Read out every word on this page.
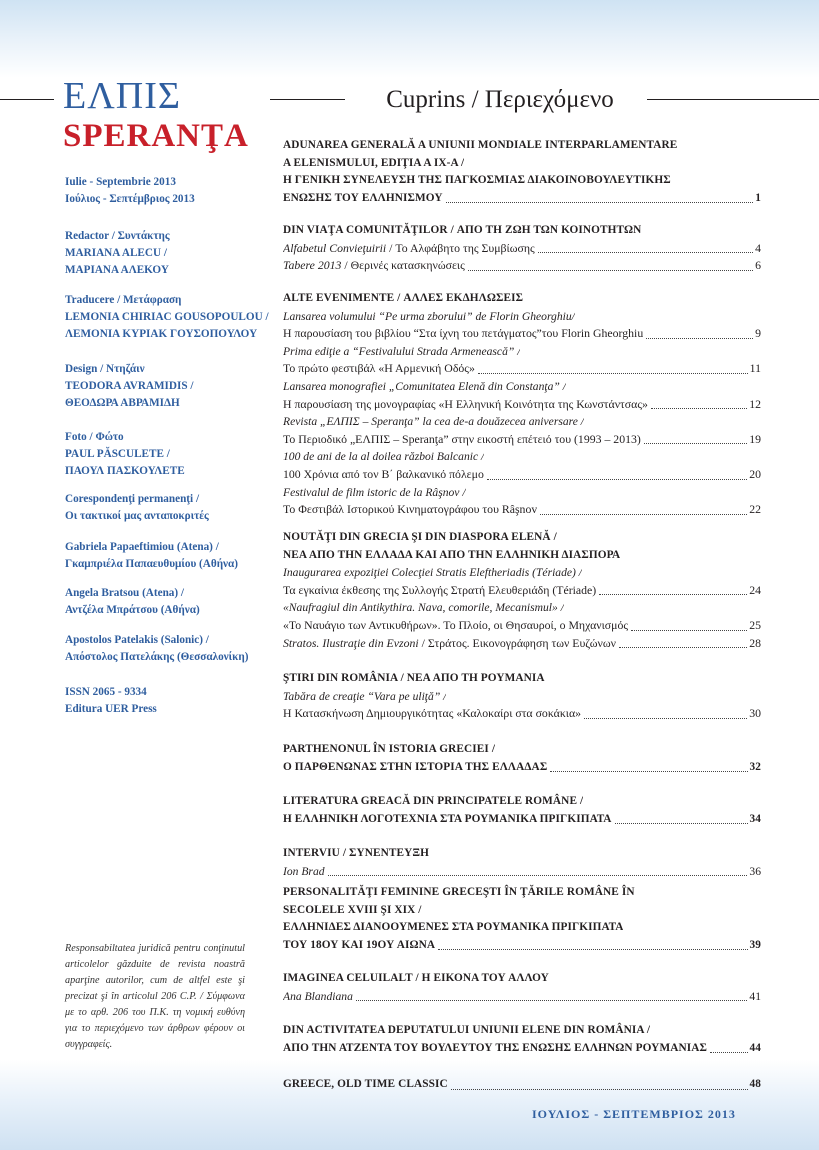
Cuprins / Περιεχόμενο
ΕΛΠΙΣ
SPERANŢA
Iulie - Septembrie 2013
Ιούλιος - Σεπτέμβριος 2013
Redactor / Συντάκτης
MARIANA ALECU /
ΜΑΡΙΑΝΑ ΑΛΕΚΟΥ
Traducere / Μετάφραση
LEMONIA CHIRIAC GOUSOPOULOU /
ΛΕΜΟΝΙΑ ΚΥΡΙΑΚ ΓΟΥΣΟΠΟΥΛΟΥ
Design / Ντηζάιν
TEODORA AVRAMIDIS /
ΘΕΟΔΩΡΑ ΑΒΡΑΜΙΔΗ
Foto / Φώτο
PAUL PĂSCULETE /
ΠΑΟΥΛ ΠΑΣΚΟΥΛΕΤΕ
Corespondenţi permanenţi /
Οι τακτικοί μας ανταποκριτές
Gabriela Papaeftimiou (Atena) /
Γκαμπριέλα Παπαευθυμίου (Αθήνα)
Angela Bratsou (Atena) /
Αντζέλα Μπράτσου (Αθήνα)
Apostolos Patelakis (Salonic) /
Απόστολος Πατελάκης (Θεσσαλονίκη)
ISSN 2065 - 9334
Editura UER Press
Responsabiltatea juridică pentru conţinutul articolelor găzduite de revista noastră aparţine autorilor, cum de altfel este şi precizat şi în articolul 206 C.P. / Σύμφωνα με το αρθ. 206 του Π.Κ. τη νομική ευθύνη για το περιεχόμενο των άρθρων φέρουν οι συγγραφείς.
ADUNAREA GENERALĂ A UNIUNII MONDIALE INTERPARLAMENTARE
A ELENISMULUI, EDIŢIA A IX-A /
Η ΓΕΝΙΚΗ ΣΥΝΕΛΕΥΣΗ ΤΗΣ ΠΑΓΚΟΣΜΙΑΣ ΔΙΑΚΟΙΝΟΒΟΥΛΕΥΤΙΚΗΣ
ΕΝΩΣΗΣ ΤΟΥ ΕΛΛΗΝΙΣΜΟΥ	1
DIN VIAŢA COMUNITĂŢILOR / ΑΠΟ ΤΗ ΖΩΗ ΤΩΝ ΚΟΙΝΟΤΗΤΩΝ
Alfabetul Convieţuirii / Το Αλφάβητο της Συμβίωσης	4
Tabere 2013 / Θερινές κατασκηνώσεις	6
ALTE EVENIMENTE / ΑΛΛΕΣ ΕΚΔΗΛΩΣΕΙΣ
Lansarea volumului “Pe urma zborului” de Florin Gheorghiu/
Η παρουσίαση του βιβλίου “Στα ίχνη του πετάγματος”του Florin Gheorghiu	9
Prima ediţie a “Festivalului Strada Armenească” /
Το πρώτο φεστιβάλ «Η Αρμενική Οδός»	11
Lansarea monografiei „Comunitatea Elenă din Constanţa” /
Η παρουσίαση της μονογραφίας «Η Ελληνική Κοινότητα της Κωνστάντσας»	12
Revista „ΕΛΠΙΣ – Speranţa” la cea de-a douăzecea aniversare /
Το Περιοδικό „ΕΛΠΙΣ – Speranţa” στην εικοστή επέτειό του (1993 – 2013)	19
100 de ani de la al doilea război Balcanic /
100 Χρόνια από τον Β΄ βαλκανικό πόλεμο	20
Festivalul de film istoric de la Râşnov /
Το Φεστιβάλ Ιστορικού Κινηματογράφου του Râşnov	22
NOUTĂŢI DIN GRECIA ŞI DIN DIASPORA ELENĂ /
ΝΕΑ ΑΠΟ ΤΗΝ ΕΛΛΑΔΑ ΚΑΙ ΑΠΟ ΤΗΝ ΕΛΛΗΝΙΚΗ ΔΙΑΣΠΟΡΑ
Inaugurarea expoziţiei Colecţiei Stratis Eleftheriadis (Tériade) /
Τα εγκαίνια έκθεσης της Συλλογής Στρατή Ελευθεριάδη (Tériade)	24
«Naufragiul din Antikythira. Nava, comorile, Mecanismul» /
«Το Ναυάγιο των Αντικυθήρων». Το Πλοίο, οι Θησαυροί, ο Μηχανισμός	25
Stratos. Ilustraţie din Evzoni / Στράτος. Εικονογράφηση των Ευζώνων	28
ŞTIRI DIN ROMÂNIA / ΝΕΑ ΑΠΟ ΤΗ ΡΟΥΜΑΝΙΑ
Tabăra de creaţie “Vara pe uliţă” /
Η Κατασκήνωση Δημιουργικότητας «Καλοκαίρι στα σοκάκια»	30
PARTHENONUL ÎN ISTORIA GRECIEI /
Ο ΠΑΡΘΕΝΩΝΑΣ ΣΤΗΝ ΙΣΤΟΡΙΑ ΤΗΣ ΕΛΛΑΔΑΣ	32
LITERATURA GREACĂ DIN PRINCIPATELE ROMÂNE /
Η ΕΛΛΗΝΙΚΗ ΛΟΓΟΤΕΧΝΙΑ ΣΤΑ ΡΟΥΜΑΝΙΚΑ ΠΡΙΓΚΙΠΑΤΑ	34
INTERVIU / ΣΥΝΕΝΤΕΥΞΗ
Ion Brad	36
PERSONALITĂŢI FEMININE GRECEŞTI ÎN ŢĂRILE ROMÂNE ÎN
SECOLELE XVIII ŞI XIX /
ΕΛΛΗΝΙΔΕΣ ΔΙΑΝΟΟΥΜΕΝΕΣ ΣΤΑ ΡΟΥΜΑΝΙΚΑ ΠΡΙΓΚΙΠΑΤΑ
ΤΟΥ 18ΟΥ ΚΑΙ 19ΟΥ ΑΙΩΝΑ	39
IMAGINEA CELUILALT / Η ΕΙΚΟΝΑ ΤΟΥ ΑΛΛΟΥ
Ana Blandiana	41
DIN ACTIVITATEA DEPUTATULUI UNIUNII ELENE DIN ROMÂNIA /
ΑΠΟ ΤΗΝ ΑΤΖΕΝΤΑ ΤΟΥ ΒΟΥΛΕΥΤΟΥ ΤΗΣ ΕΝΩΣΗΣ ΕΛΛΗΝΩΝ ΡΟΥΜΑΝΙΑΣ	44
GREECE, OLD TIME CLASSIC	48
ΙΟΥΛΙΟΣ - ΣΕΠΤΕΜΒΡΙΟΣ 2013
